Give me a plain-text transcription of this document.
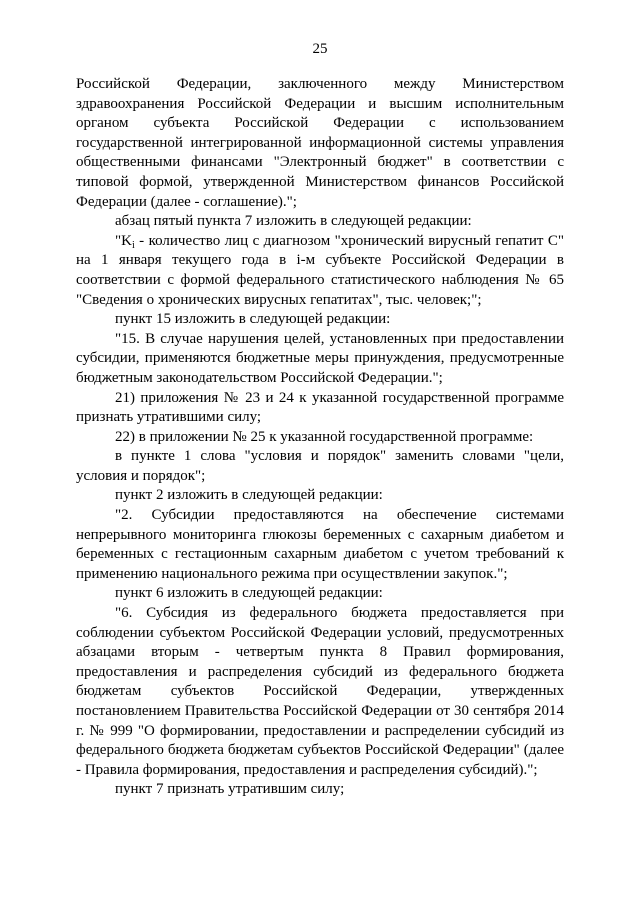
25

Российской Федерации, заключенного между Министерством здравоохранения Российской Федерации и высшим исполнительным органом субъекта Российской Федерации с использованием государственной интегрированной информационной системы управления общественными финансами "Электронный бюджет" в соответствии с типовой формой, утвержденной Министерством финансов Российской Федерации (далее - соглашение).";

абзац пятый пункта 7 изложить в следующей редакции:

"$K_i$ - количество лиц с диагнозом "хронический вирусный гепатит С" на 1 января текущего года в i-м субъекте Российской Федерации в соответствии с формой федерального статистического наблюдения № 65 "Сведения о хронических вирусных гепатитах", тыс. человек;";

пункт 15 изложить в следующей редакции:

"15. В случае нарушения целей, установленных при предоставлении субсидии, применяются бюджетные меры принуждения, предусмотренные бюджетным законодательством Российской Федерации.";

21) приложения № 23 и 24 к указанной государственной программе признать утратившими силу;

22) в приложении № 25 к указанной государственной программе:

в пункте 1 слова "условия и порядок" заменить словами "цели, условия и порядок";

пункт 2 изложить в следующей редакции:

"2. Субсидии предоставляются на обеспечение системами непрерывного мониторинга глюкозы беременных с сахарным диабетом и беременных с гестационным сахарным диабетом с учетом требований к применению национального режима при осуществлении закупок.";

пункт 6 изложить в следующей редакции:

"6. Субсидия из федерального бюджета предоставляется при соблюдении субъектом Российской Федерации условий, предусмотренных абзацами вторым - четвертым пункта 8 Правил формирования, предоставления и распределения субсидий из федерального бюджета бюджетам субъектов Российской Федерации, утвержденных постановлением Правительства Российской Федерации от 30 сентября 2014 г. № 999 "О формировании, предоставлении и распределении субсидий из федерального бюджета бюджетам субъектов Российской Федерации" (далее - Правила формирования, предоставления и распределения субсидий).";

пункт 7 признать утратившим силу;
